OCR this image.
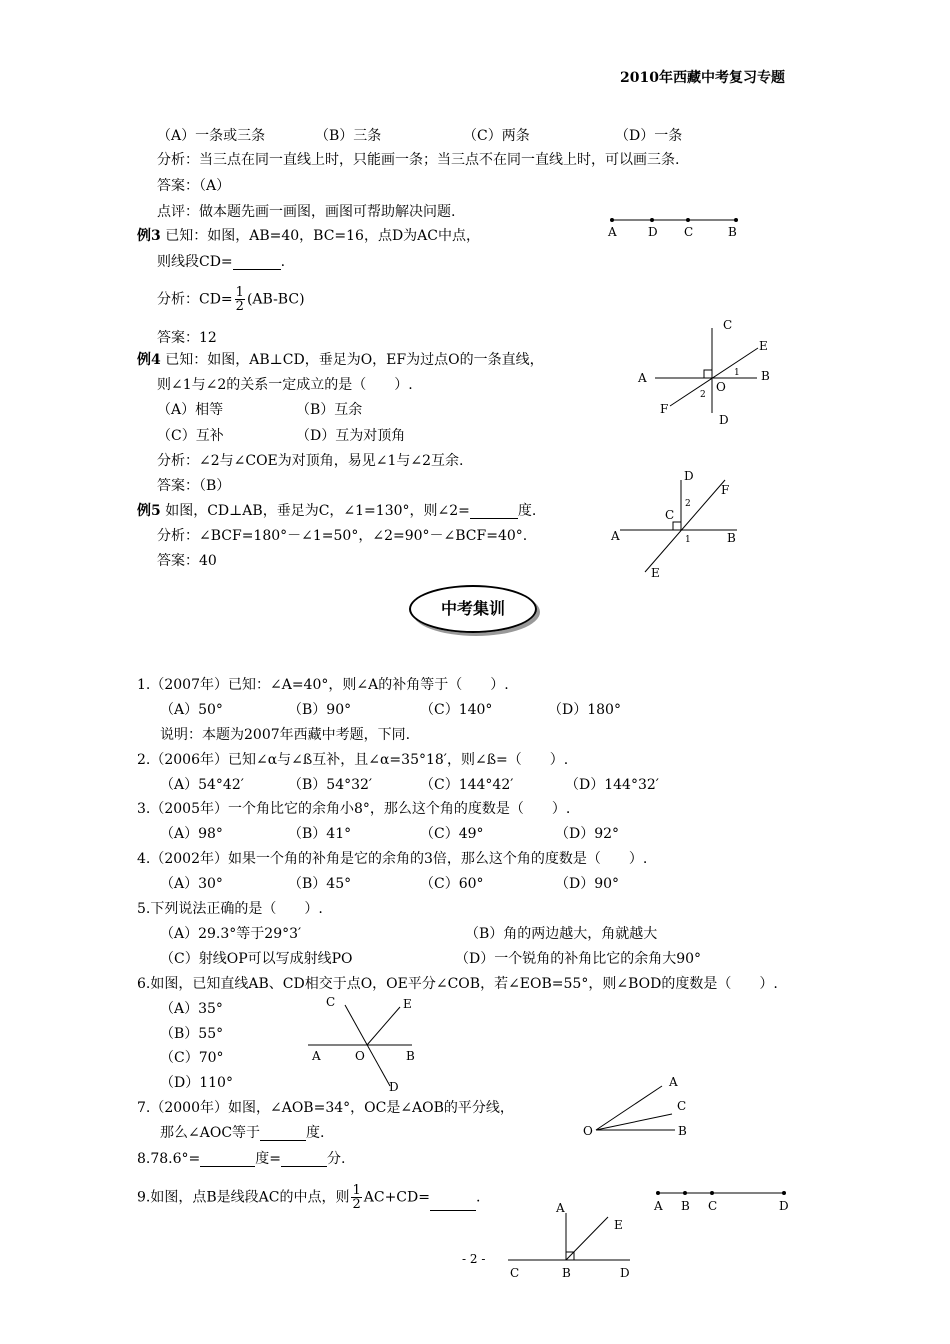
2010年西藏中考复习专题
（A）一条或三条	（B）三条	（C）两条	（D）一条
分析：当三点在同一直线上时，只能画一条；当三点不在同一直线上时，可以画三条.
答案：（A）
点评：做本题先画一画图，画图可帮助解决问题.
例3 已知：如图，AB=40，BC=16，点D为AC中点，
则线段CD=	.
分析：$CD= \frac{1}{2} (AB-BC)$
答案：12
A	D C	B
例4 已知：如图，AB⊥CD，垂足为O，EF为过点O的一条直线，
则∠1与∠2的关系一定成立的是（　　）.
（A）相等	（B）互余
（C）互补	（D）互为对顶角
分析：∠2与∠COE为对顶角，易见∠1与∠2互余.
答案：（B）
C
E
A	B
O
1
2
F
D
例5 如图，CD⊥AB，垂足为C，∠1=130°，则∠2=	度.
分析：∠BCF=180°－∠1=50°，∠2=90°－∠BCF=40°.
答案：40
D
F
2
C
A	B
1
E
中考集训
1.（2007年）已知：∠A=40°，则∠A的补角等于（　　）.
（A）50°	（B）90°	（C）140°	（D）180°
说明：本题为2007年西藏中考题，下同.
2.（2006年）已知∠α与∠ß互补，且∠α=35°18′，则∠ß=（　　）.
（A）54°42′	（B）54°32′	（C）144°42′	（D）144°32′
3.（2005年）一个角比它的余角小8°，那么这个角的度数是（　　）.
（A）98°	（B）41°	（C）49°	（D）92°
4.（2002年）如果一个角的补角是它的余角的3倍，那么这个角的度数是（　　）.
（A）30°	（B）45°	（C）60°	（D）90°
5.下列说法正确的是（　　）.
（A）29.3°等于29°3′	（B）角的两边越大，角就越大
（C）射线OP可以写成射线PO	（D）一个锐角的补角比它的余角大90°
6.如图，已知直线AB、CD相交于点O，OE平分∠COB，若∠EOB=55°，则∠BOD的度数是（　　）.
（A）35°
（B）55°
（C）70°
（D）110°
C	E
A	O	B
D
7.（2000年）如图，∠AOB=34°，OC是∠AOB的平分线，
那么∠AOC等于	度.
A
C
O	B
8.78.6°=	度=	分.
9.如图，点B是线段AC的中点，则 $\frac{1}{2} AC+CD=$	.
A B C	D
A
E
C	B	D
- 2 -
